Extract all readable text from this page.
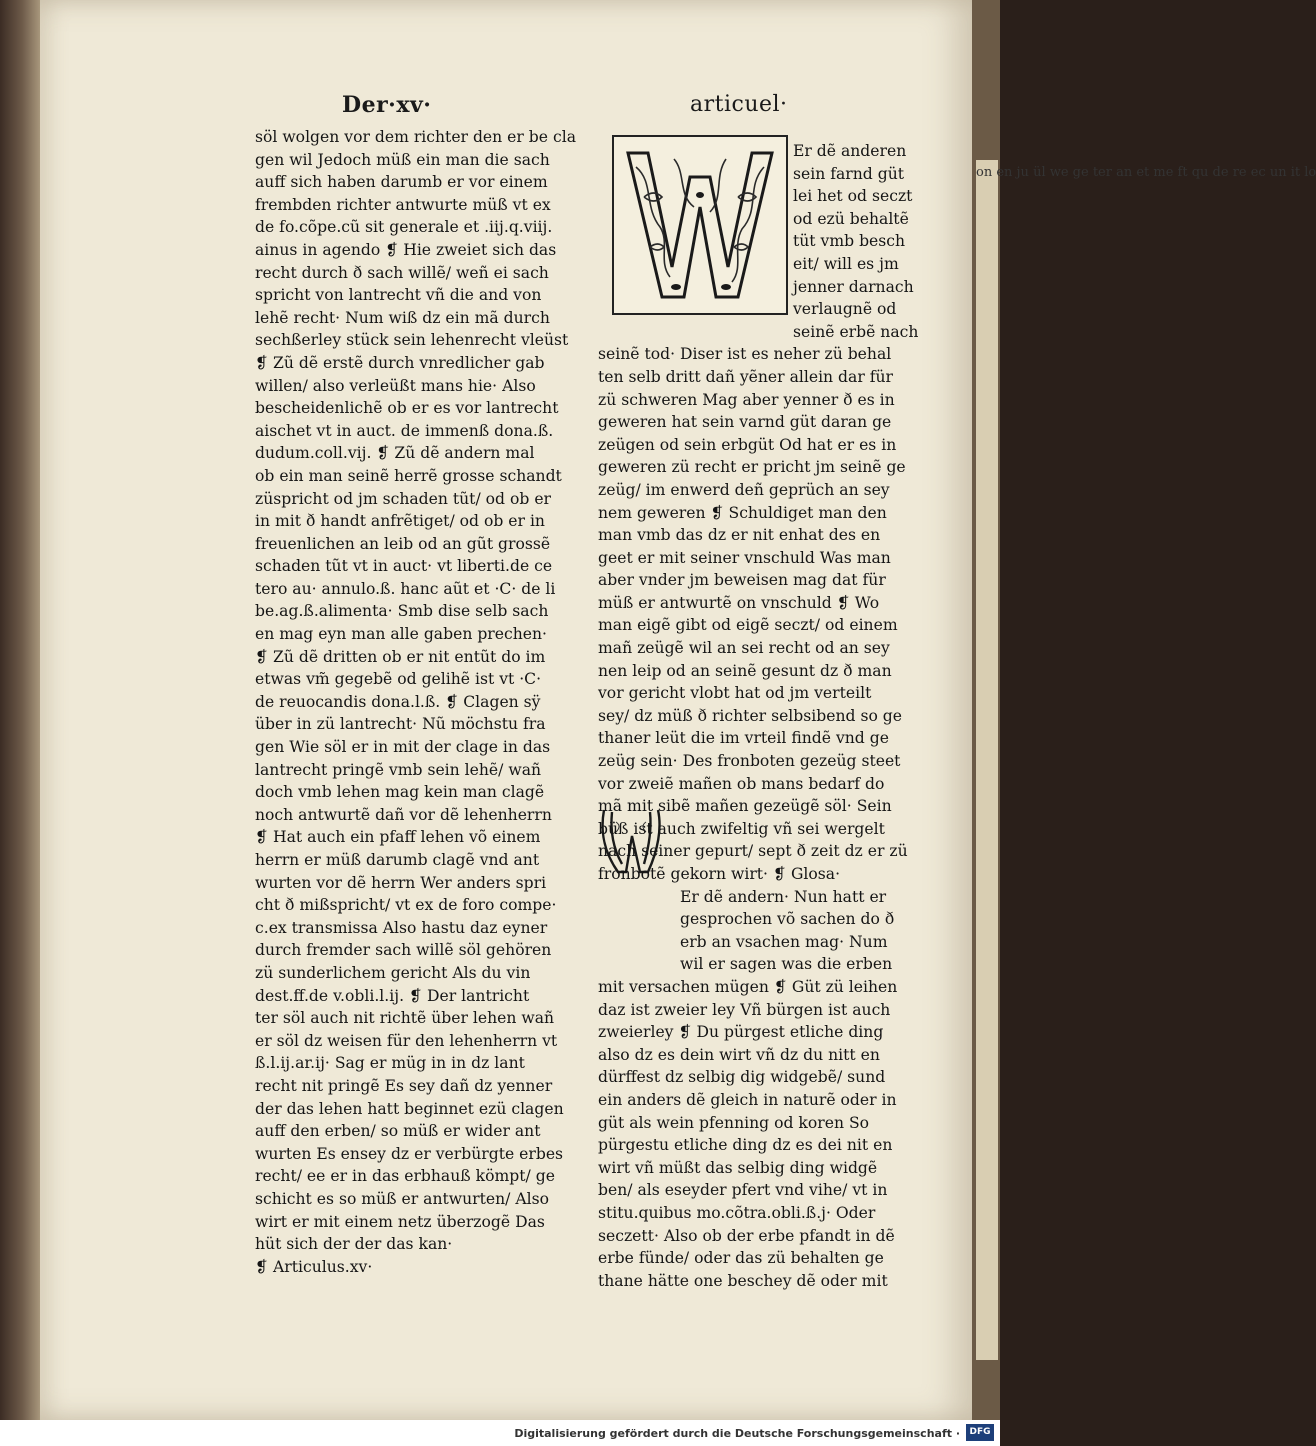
Der·xv·	articuel·
söl wolgen vor dem richter den er be cla
gen wil Jedoch müß ein man die sach
auff sich haben darumb er vor einem
frembden richter antwurte müß vt ex
de fo.cõpe.cũ sit generale et .iij.q.viij.
ainus in agendo ❡ Hie zweiet sich das
recht durch ð sach willẽ/ weñ ei sach
spricht von lantrecht vñ die and von
lehẽ recht· Num wiß dz ein mã durch
sechßerley stück sein lehenrecht vleüst
❡ Zũ dẽ erstẽ durch vnredlicher gab
willen/ also verleüßt mans hie· Also
bescheidenlichẽ ob er es vor lantrecht
aischet vt in auct. de immenß dona.ß.
dudum.coll.vij. ❡ Zũ dẽ andern mal
ob ein man seinẽ herrẽ grosse schandt
züspricht od jm schaden tũt/ od ob er
in mit ð handt anfrẽtiget/ od ob er in
freuenlichen an leib od an gũt grossẽ
schaden tũt vt in auct· vt liberti.de ce
tero au· annulo.ß. hanc aũt et ·C· de li
be.ag.ß.alimenta· Smb dise selb sach
en mag eyn man alle gaben prechen·
❡ Zũ dẽ dritten ob er nit entũt do im
etwas vm̃ gegebẽ od gelihẽ ist vt ·C·
de reuocandis dona.l.ß. ❡ Clagen sÿ
über in zü lantrecht· Nũ möchstu fra
gen Wie söl er in mit der clage in das
lantrecht pringẽ vmb sein lehẽ/ wañ
doch vmb lehen mag kein man clagẽ
noch antwurtẽ dañ vor dẽ lehenherrn
❡ Hat auch ein pfaff lehen võ einem
herrn er müß darumb clagẽ vnd ant
wurten vor dẽ herrn Wer anders spri
cht ð mißspricht/ vt ex de foro compe·
c.ex transmissa Also hastu daz eyner
durch fremder sach willẽ söl gehören
zü sunderlichem gericht Als du vin
dest.ff.de v.obli.l.ij. ❡ Der lantricht
ter söl auch nit richtẽ über lehen wañ
er söl dz weisen für den lehenherrn vt
ß.l.ij.ar.ij· Sag er müg in in dz lant
recht nit pringẽ Es sey dañ dz yenner
der das lehen hatt beginnet ezü clagen
auff den erben/ so müß er wider ant
wurten Es ensey dz er verbürgte erbes
recht/ ee er in das erbhauß kömpt/ ge
schicht es so müß er antwurten/ Also
wirt er mit einem netz überzogẽ Das
hüt sich der der das kan·
❡ Articulus.xv·
Er dẽ anderen
sein farnd güt
lei het od seczt
od ezü behaltẽ
tüt vmb besch
eit/ will es jm
jenner darnach
verlaugnẽ od
seinẽ erbẽ nach
seinẽ tod· Diser ist es neher zü behal
ten selb dritt dañ yẽner allein dar für
zü schweren Mag aber yenner ð es in
geweren hat sein varnd güt daran ge
zeügen od sein erbgüt Od hat er es in
geweren zü recht er pricht jm seinẽ ge
zeüg/ im enwerd deñ geprüch an sey
nem geweren ❡ Schuldiget man den
man vmb das dz er nit enhat des en
geet er mit seiner vnschuld Was man
aber vnder jm beweisen mag dat für
müß er antwurtẽ on vnschuld ❡ Wo
man eigẽ gibt od eigẽ seczt/ od einem
mañ zeügẽ wil an sei recht od an sey
nen leip od an seinẽ gesunt dz ð man
vor gericht vlobt hat od jm verteilt
sey/ dz müß ð richter selbsibend so ge
thaner leüt die im vrteil findẽ vnd ge
zeüg sein· Des fronboten gezeüg steet
vor zweiẽ mañen ob mans bedarf do
mã mit sibẽ mañen gezeügẽ söl· Sein
büß ist auch zwifeltig vñ sei wergelt
nach seiner gepurt/ sept ð zeit dz er zü
fronbotẽ gekorn wirt· ❡ Glosa·
Er dẽ andern· Nun hatt er
gesprochen võ sachen do ð
erb an vsachen mag· Num
wil er sagen was die erben
mit versachen mügen ❡ Güt zü leihen
daz ist zweier ley Vñ bürgen ist auch
zweierley ❡ Du pürgest etliche ding
also dz es dein wirt vñ dz du nitt en
dürffest dz selbig dig widgebẽ/ sund
ein anders dẽ gleich in naturẽ oder in
güt als wein pfenning od koren So
pürgestu etliche ding dz es dei nit en
wirt vñ müßt das selbig ding widgẽ
ben/ als eseyder pfert vnd vihe/ vt in
stitu.quibus mo.cõtra.obli.ß.j· Oder
seczett· Also ob der erbe pfandt in dẽ
erbe fünde/ oder das zü behalten ge
thane hätte one beschey dẽ oder mit
on en ju ül we ge ter an et me ft qu de re ec un it lo
Digitalisierung gefördert durch die Deutsche Forschungsgemeinschaft ·	DFG
